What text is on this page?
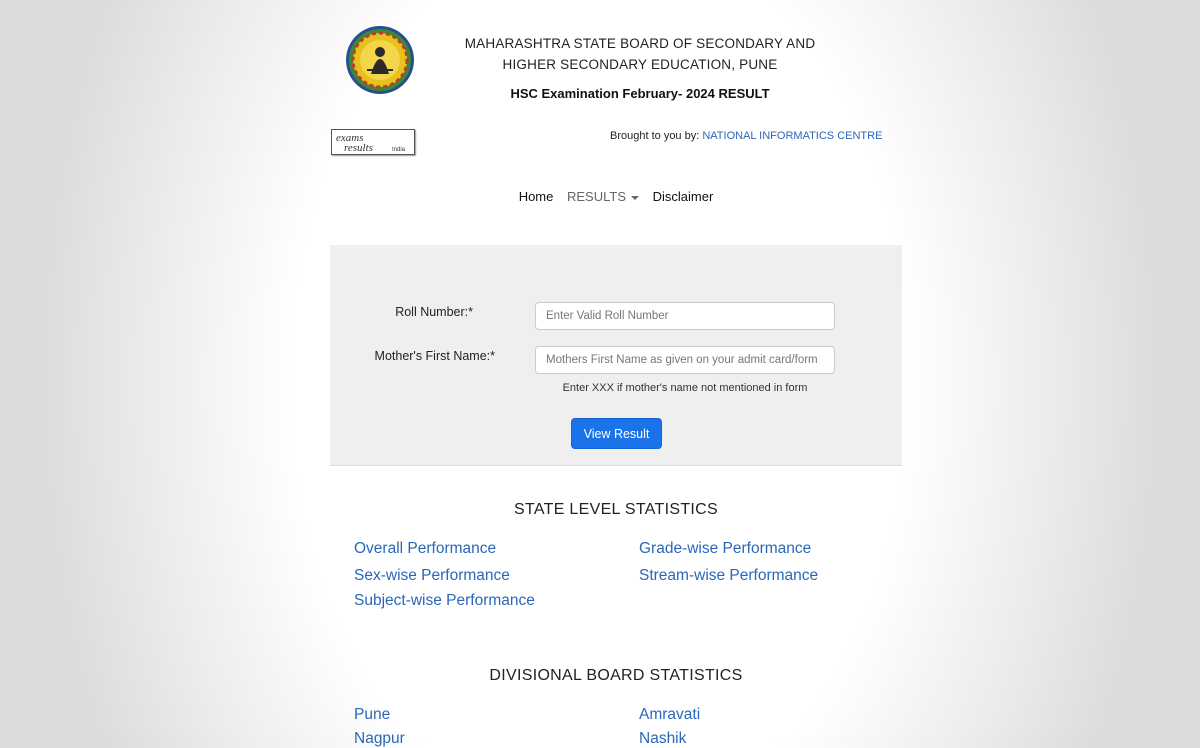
MAHARASHTRA STATE BOARD OF SECONDARY AND
HIGHER SECONDARY EDUCATION, PUNE
HSC Examination February- 2024 RESULT
exams
results	India
Brought to you by: NATIONAL INFORMATICS CENTRE
Home RESULTS Disclaimer
Roll Number:*
Enter Valid Roll Number
Mother's First Name:*
Mothers First Name as given on your admit card/form
Enter XXX if mother's name not mentioned in form
View Result
STATE LEVEL STATISTICS
Overall Performance	Grade-wise Performance
Sex-wise Performance	Stream-wise Performance
Subject-wise Performance
DIVISIONAL BOARD STATISTICS
Pune	Amravati
Nagpur	Nashik
